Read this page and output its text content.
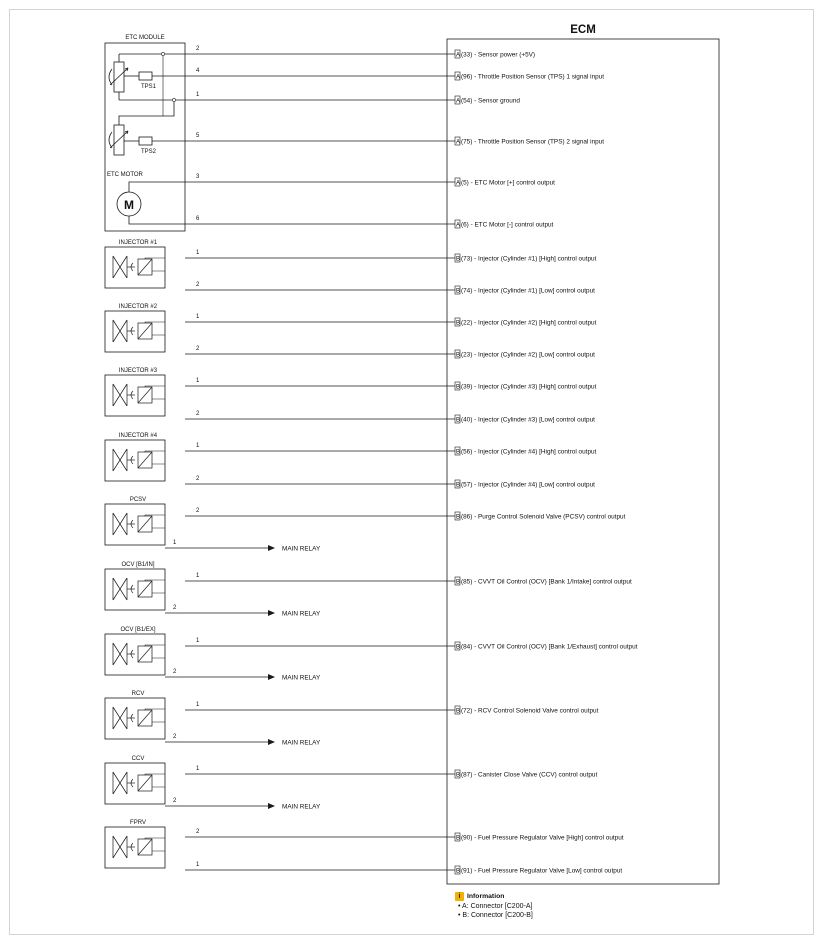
ECM
ETC MODULE
TPS1
TPS2
ETC MOTOR
M
A (33) - Sensor power (+5V)
2
A (96) - Throttle Position Sensor (TPS) 1 signal input
4
A (54) - Sensor ground
1
A (75) - Throttle Position Sensor (TPS) 2 signal input
5
A (5) - ETC Motor [+] control output
3
A (6) - ETC Motor [-] control output
6
B (73) - Injector (Cylinder #1) [High] control output
1
B (74) - Injector (Cylinder #1) [Low] control output
2
B (22) - Injector (Cylinder #2) [High] control output
1
B (23) - Injector (Cylinder #2) [Low] control output
2
B (39) - Injector (Cylinder #3) [High] control output
1
B (40) - Injector (Cylinder #3) [Low] control output
2
B (56) - Injector (Cylinder #4) [High] control output
1
B (57) - Injector (Cylinder #4) [Low] control output
2
B (86) - Purge Control Solenoid Valve (PCSV) control output
2
B (85) - CVVT Oil Control (OCV) [Bank 1/Intake] control output
1
B (84) - CVVT Oil Control (OCV) [Bank 1/Exhaust] control output
1
B (72) - RCV Control Solenoid Valve control output
1
B (87) - Canister Close Valve (CCV) control output
1
B (90) - Fuel Pressure Regulator Valve [High] control output
2
B (91) - Fuel Pressure Regulator Valve [Low] control output
1
INJECTOR #1
INJECTOR #2
INJECTOR #3
INJECTOR #4
PCSV
OCV [B1/IN]
OCV [B1/EX]
RCV
CCV
FPRV
MAIN RELAY
1
MAIN RELAY
2
MAIN RELAY
2
MAIN RELAY
2
MAIN RELAY
2
i Information
• A: Connector [C200-A]
• B: Connector [C200-B]
